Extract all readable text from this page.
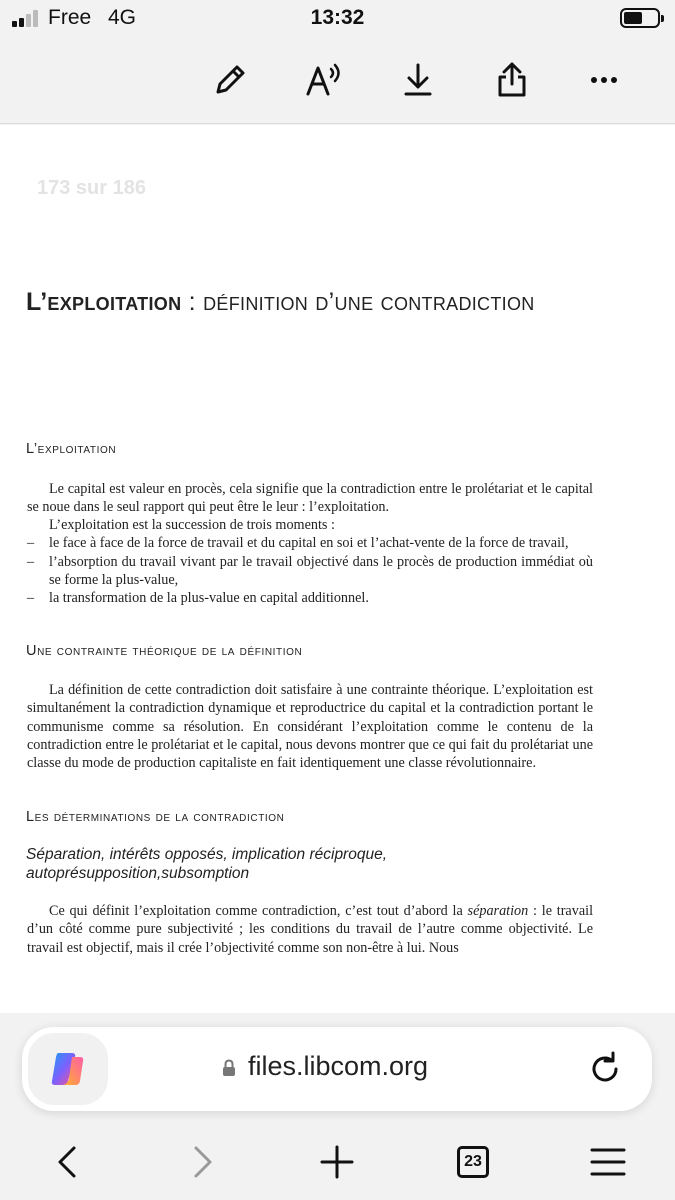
Free 4G	13:32
173 sur 186
L’exploitation : définition d’une contradiction
L’exploitation

Le capital est valeur en procès, cela signifie que la contradiction entre le prolétariat et le capital se noue dans le seul rapport qui peut être le leur : l’exploitation.

L’exploitation est la succession de trois moments :
– le face à face de la force de travail et du capital en soi et l’achat-vente de la force de travail,
– l’absorption du travail vivant par le travail objectivé dans le procès de production immédiat où se forme la plus-value,
– la transformation de la plus-value en capital additionnel.
Une contrainte théorique de la définition

La définition de cette contradiction doit satisfaire à une contrainte théorique. L’exploitation est simultanément la contradiction dynamique et reproductrice du capital et la contradiction portant le communisme comme sa résolution. En considérant l’exploitation comme le contenu de la contradiction entre le prolétariat et le capital, nous devons montrer que ce qui fait du prolétariat une classe du mode de production capitaliste en fait identiquement une classe révolutionnaire.

Les déterminations de la contradiction
Séparation, intérêts opposés, implication réciproque, autoprésupposition,subsomption

Ce qui définit l’exploitation comme contradiction, c’est tout d’abord la séparation : le travail d’un côté comme pure subjectivité ; les conditions du travail de l’autre comme objectivité. Le travail est objectif, mais il crée l’objectivité comme son non-être à lui. Nous

files.libcom.org
23
